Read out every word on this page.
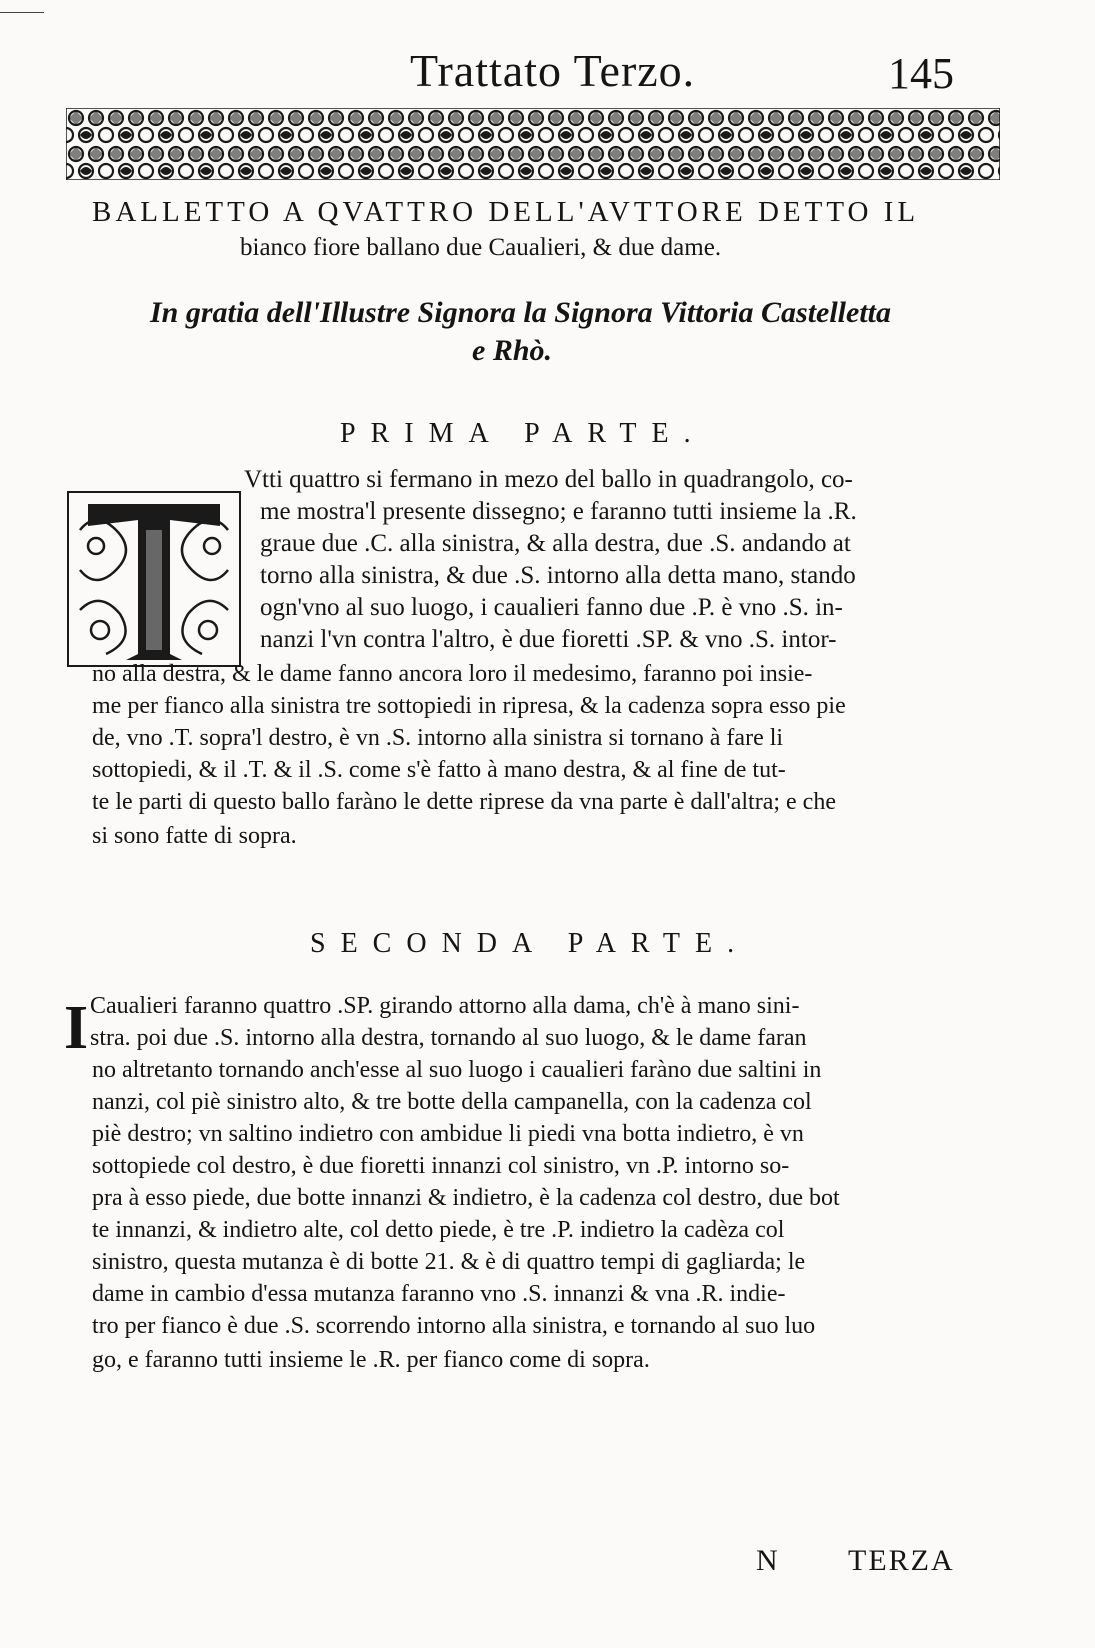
Trattato Terzo.	145
BALLETTO A QVATTRO DELL'AVTTORE DETTO IL
bianco fiore ballano due Caualieri, & due dame.
In gratia dell'Illustre Signora la Signora Vittoria Castelletta
e Rhò.
PRIMA PARTE.
Vtti quattro si fermano in mezo del ballo in quadrangolo, co-
me mostra'l presente dissegno; e faranno tutti insieme la .R.
graue due .C. alla sinistra, & alla destra, due .S. andando at
torno alla sinistra, & due .S. intorno alla detta mano, stando
ogn'vno al suo luogo, i caualieri fanno due .P. è vno .S. in-
nanzi l'vn contra l'altro, è due fioretti .SP. & vno .S. intor-
no alla destra, & le dame fanno ancora loro il medesimo, faranno poi insie-
me per fianco alla sinistra tre sottopiedi in ripresa, & la cadenza sopra esso pie
de, vno .T. sopra'l destro, è vn .S. intorno alla sinistra si tornano à fare li
sottopiedi, & il .T. & il .S. come s'è fatto à mano destra, & al fine de tut-
te le parti di questo ballo faràno le dette riprese da vna parte è dall'altra; e che
si sono fatte di sopra.
SECONDA PARTE.
I Caualieri faranno quattro .SP. girando attorno alla dama, ch'è à mano sini-
stra. poi due .S. intorno alla destra, tornando al suo luogo, & le dame faran
no altretanto tornando anch'esse al suo luogo i caualieri faràno due saltini in
nanzi, col piè sinistro alto, & tre botte della campanella, con la cadenza col
piè destro; vn saltino indietro con ambidue li piedi vna botta indietro, è vn
sottopiede col destro, è due fioretti innanzi col sinistro, vn .P. intorno so-
pra à esso piede, due botte innanzi & indietro, è la cadenza col destro, due bot
te innanzi, & indietro alte, col detto piede, è tre .P. indietro la cadèza col
sinistro, questa mutanza è di botte 21. & è di quattro tempi di gagliarda; le
dame in cambio d'essa mutanza faranno vno .S. innanzi & vna .R. indie-
tro per fianco è due .S. scorrendo intorno alla sinistra, e tornando al suo luo
go, e faranno tutti insieme le .R. per fianco come di sopra.
N TERZA
